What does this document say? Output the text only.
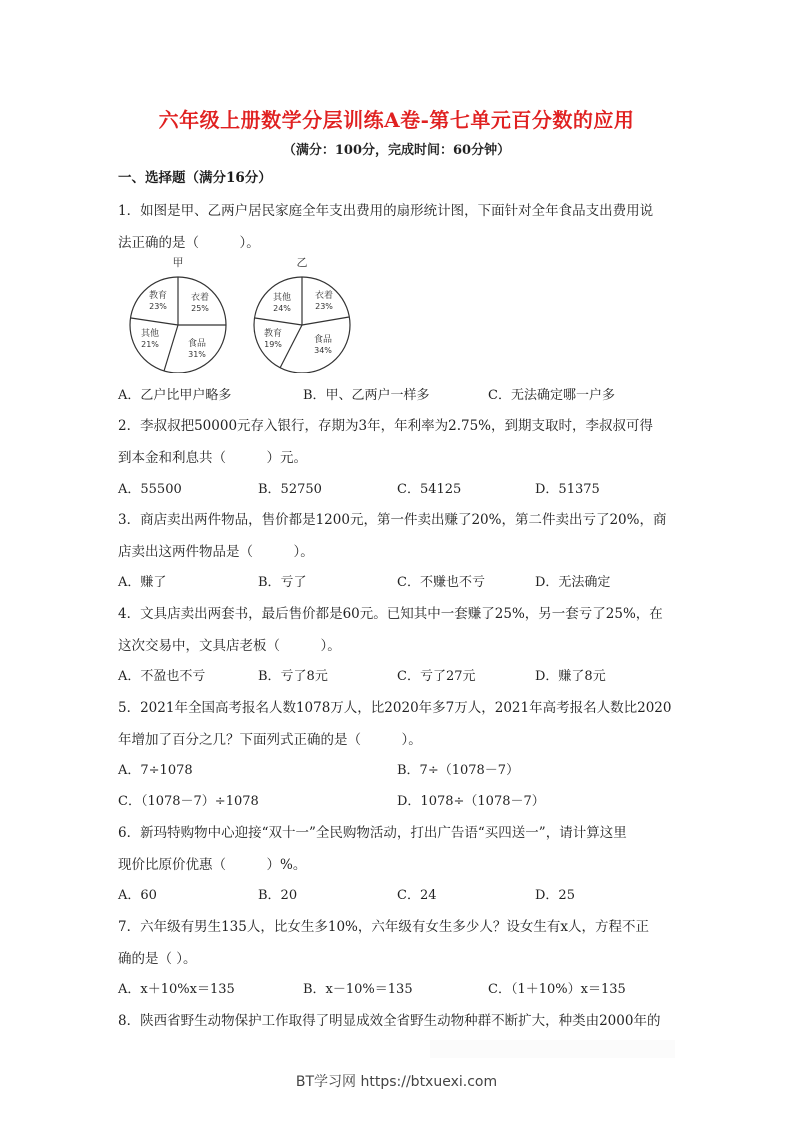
六年级上册数学分层训练A卷-第七单元百分数的应用
（满分：100分，完成时间：60分钟）
一、选择题（满分16分）
1．如图是甲、乙两户居民家庭全年支出费用的扇形统计图，下面针对全年食品支出费用说
法正确的是（　　　）。
甲
教育
23%
衣着
25%
食品
31%
其他
21%
乙
其他
24%
衣着
23%
食品
34%
教育
19%
A．乙户比甲户略多	B．甲、乙两户一样多	C．无法确定哪一户多
2．李叔叔把50000元存入银行，存期为3年，年利率为2.75%，到期支取时，李叔叔可得
到本金和利息共（　　　）元。
A．55500	B．52750	C．54125	D．51375
3．商店卖出两件物品，售价都是1200元，第一件卖出赚了20%，第二件卖出亏了20%，商
店卖出这两件物品是（　　　）。
A．赚了	B．亏了	C．不赚也不亏	D．无法确定
4．文具店卖出两套书，最后售价都是60元。已知其中一套赚了25%，另一套亏了25%，在
这次交易中，文具店老板（　　　）。
A．不盈也不亏	B．亏了8元	C．亏了27元	D．赚了8元
5．2021年全国高考报名人数1078万人，比2020年多7万人，2021年高考报名人数比2020
年增加了百分之几？下面列式正确的是（　　　）。
A．7÷1078	B．7÷（1078－7）
C．（1078－7）÷1078	D．1078÷（1078－7）
6．新玛特购物中心迎接“双十一”全民购物活动，打出广告语“买四送一”，请计算这里
现价比原价优惠（　　　）%。
A．60	B．20	C．24	D．25
7．六年级有男生135人，比女生多10%，六年级有女生多少人？设女生有x人，方程不正
确的是（ ）。
A．x＋10%x＝135	B．x－10%＝135	C．（1＋10%）x＝135
8．陕西省野生动物保护工作取得了明显成效全省野生动物种群不断扩大，种类由2000年的
BT学习网 https://btxuexi.com
